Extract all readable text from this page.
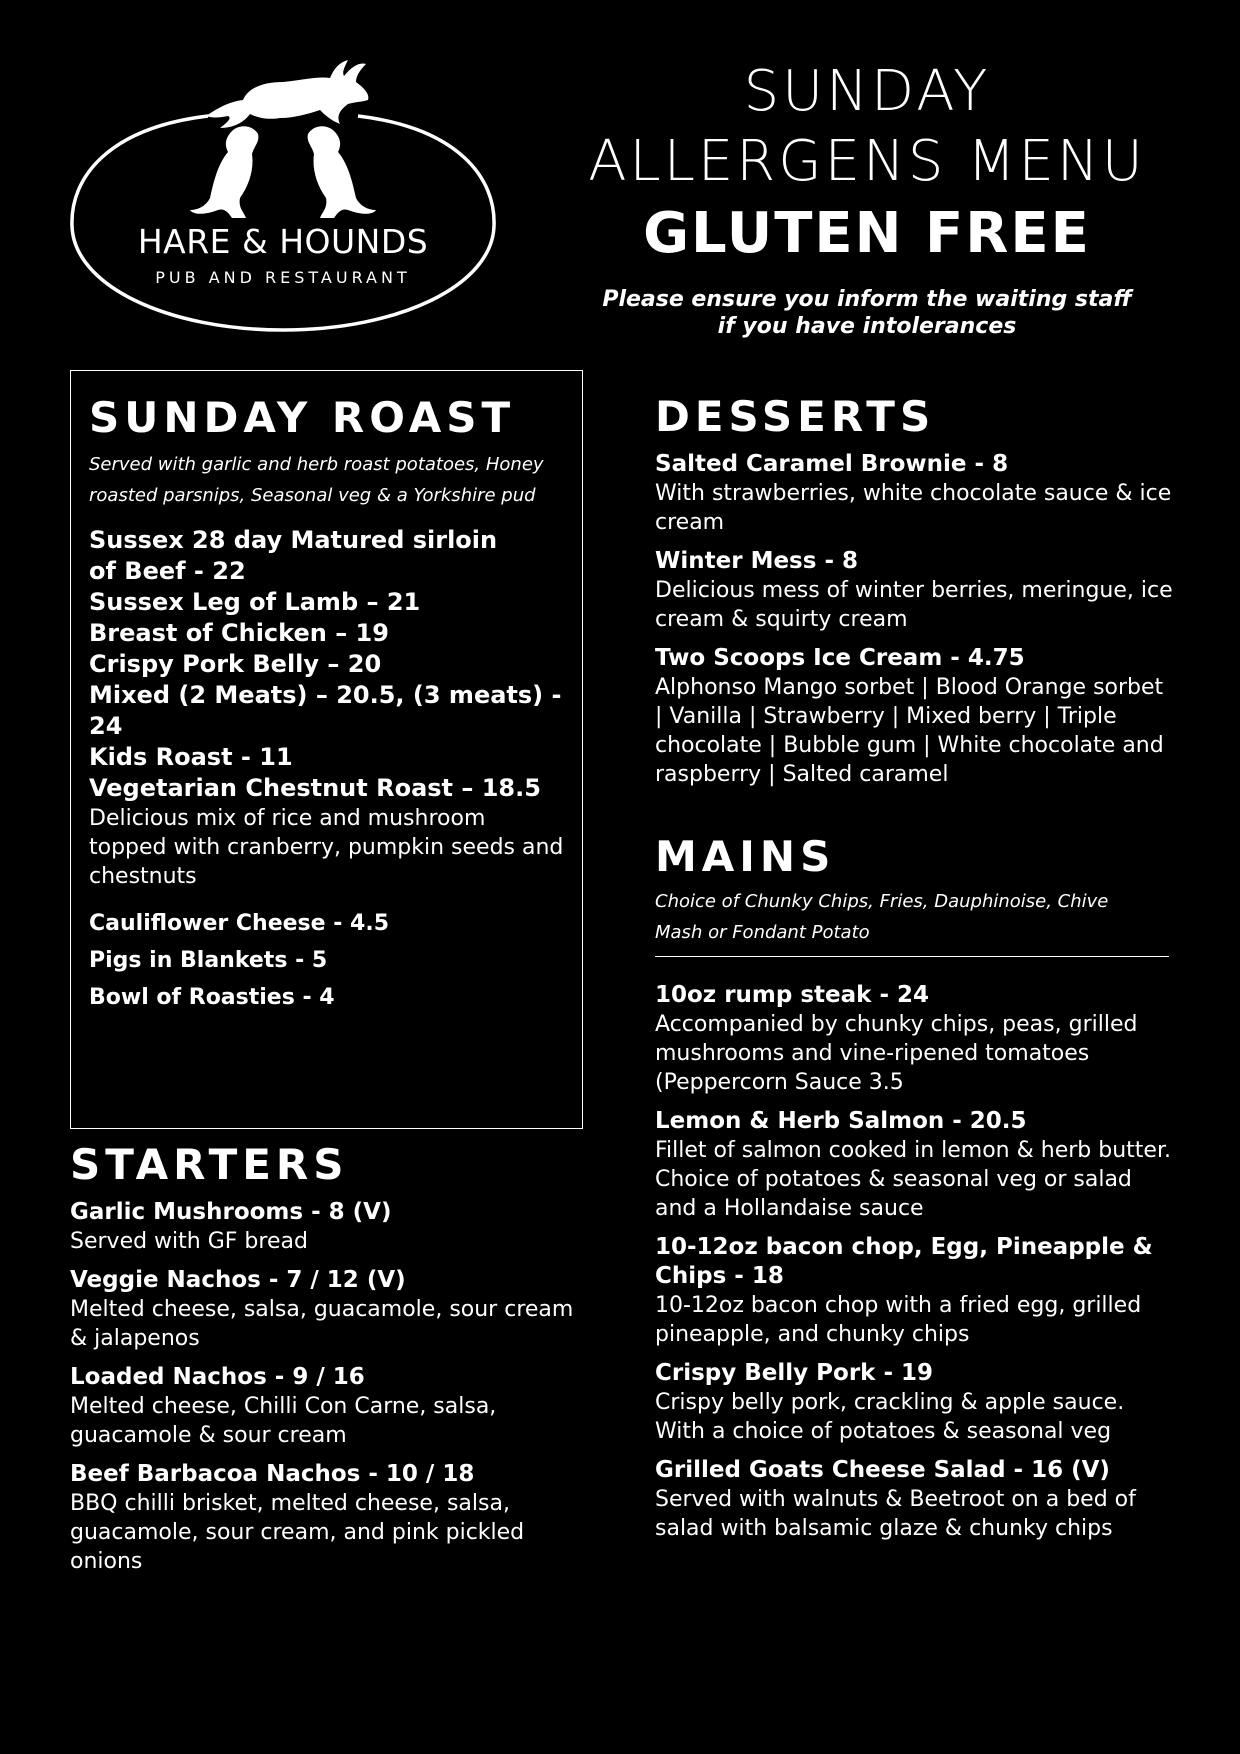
HARE & HOUNDS
PUB AND RESTAURANT
SUNDAY
ALLERGENS MENU
GLUTEN FREE
Please ensure you inform the waiting staff
if you have intolerances
SUNDAY ROAST

Served with garlic and herb roast potatoes, Honey

roasted parsnips, Seasonal veg & a Yorkshire pud

Sussex 28 day Matured sirloin

of Beef - 22

Sussex Leg of Lamb – 21

Breast of Chicken – 19

Crispy Pork Belly – 20

Mixed (2 Meats) – 20.5, (3 meats) - 24

Kids Roast - 11

Vegetarian Chestnut Roast – 18.5

Delicious mix of rice and mushroom topped with cranberry, pumpkin seeds and chestnuts

Cauliflower Cheese - 4.5

Pigs in Blankets - 5

Bowl of Roasties - 4

STARTERS

Garlic Mushrooms - 8 (V)

Served with GF bread

Veggie Nachos - 7 / 12 (V)

Melted cheese, salsa, guacamole, sour cream & jalapenos

Loaded Nachos - 9 / 16

Melted cheese, Chilli Con Carne, salsa, guacamole & sour cream

Beef Barbacoa Nachos - 10 / 18

BBQ chilli brisket, melted cheese, salsa, guacamole, sour cream, and pink pickled onions

DESSERTS

Salted Caramel Brownie - 8

With strawberries, white chocolate sauce & ice cream

Winter Mess - 8

Delicious mess of winter berries, meringue, ice cream & squirty cream

Two Scoops Ice Cream - 4.75

Alphonso Mango sorbet | Blood Orange sorbet | Vanilla | Strawberry | Mixed berry | Triple chocolate | Bubble gum | White chocolate and raspberry | Salted caramel

MAINS

Choice of Chunky Chips, Fries, Dauphinoise, Chive

Mash or Fondant Potato

10oz rump steak - 24

Accompanied by chunky chips, peas, grilled mushrooms and vine-ripened tomatoes (Peppercorn Sauce 3.5

Lemon & Herb Salmon - 20.5

Fillet of salmon cooked in lemon & herb butter. Choice of potatoes & seasonal veg or salad and a Hollandaise sauce

10-12oz bacon chop, Egg, Pineapple & Chips - 18

10-12oz bacon chop with a fried egg, grilled pineapple, and chunky chips

Crispy Belly Pork - 19

Crispy belly pork, crackling & apple sauce. With a choice of potatoes & seasonal veg

Grilled Goats Cheese Salad - 16 (V)

Served with walnuts & Beetroot on a bed of salad with balsamic glaze & chunky chips
